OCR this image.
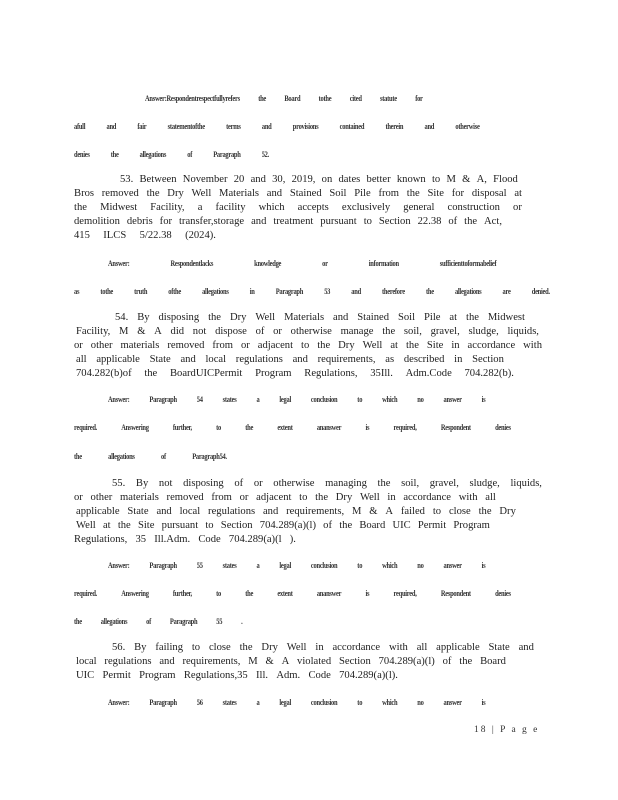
Answer:Respondentrespectfullyrefers the Board tothe cited statute for
afull	and	fair	statementofthe	terms	and	provisions	contained	therein	and	otherwise
denies	the	allegations	of	Paragraph	52.
53. Between November 20 and 30, 2019, on dates better known to M & A, Flood
Bros removed the Dry Well Materials and Stained Soil Pile from the Site for disposal at
the Midwest Facility, a facility which accepts exclusively general construction or
demolition debris for transfer,storage and treatment pursuant to Section 22.38 of the Act,
415 ILCS 5/22.38 (2024).
Answer:	Respondentlacks	knowledge	or	information	sufficienttoformabelief
as	tothe	truth	ofthe	allegations	in	Paragraph	53	and	therefore	the	allegations	are	denied.
54. By disposing the Dry Well Materials and Stained Soil Pile at the Midwest
Facility, M & A did not dispose of or otherwise manage the soil, gravel, sludge, liquids,
or other materials removed from or adjacent to the Dry Well at the Site in accordance with
all applicable State and local regulations and requirements, as described in Section
704.282(b)of the BoardUICPermit Program Regulations, 35Ill. Adm.Code 704.282(b).
Answer: Paragraph 54 states a legal conclusion to which no answer is
required.	Answering	further,	to	the	extent	ananswer	is	required,	Respondent	denies
the	allegations	of	Paragraph54.
55. By not disposing of or otherwise managing the soil, gravel, sludge, liquids,
or other materials removed from or adjacent to the Dry Well in accordance with all
applicable State and local regulations and requirements, M & A failed to close the Dry
Well at the Site pursuant to Section 704.289(a)(l) of the Board UIC Permit Program
Regulations, 35 Ill.Adm. Code 704.289(a)(l ).
Answer: Paragraph 55 states a legal conclusion to which no answer is
required.	Answering	further,	to	the	extent	ananswer	is	required,	Respondent	denies
the allegations of Paragraph 55 .
56. By failing to close the Dry Well in accordance with all applicable State and
local regulations and requirements, M & A violated Section 704.289(a)(l) of the Board
UIC Permit Program Regulations,35 Ill. Adm. Code 704.289(a)(l).
Answer: Paragraph 56 states a legal conclusion to which no answer is
18 | P a g e
